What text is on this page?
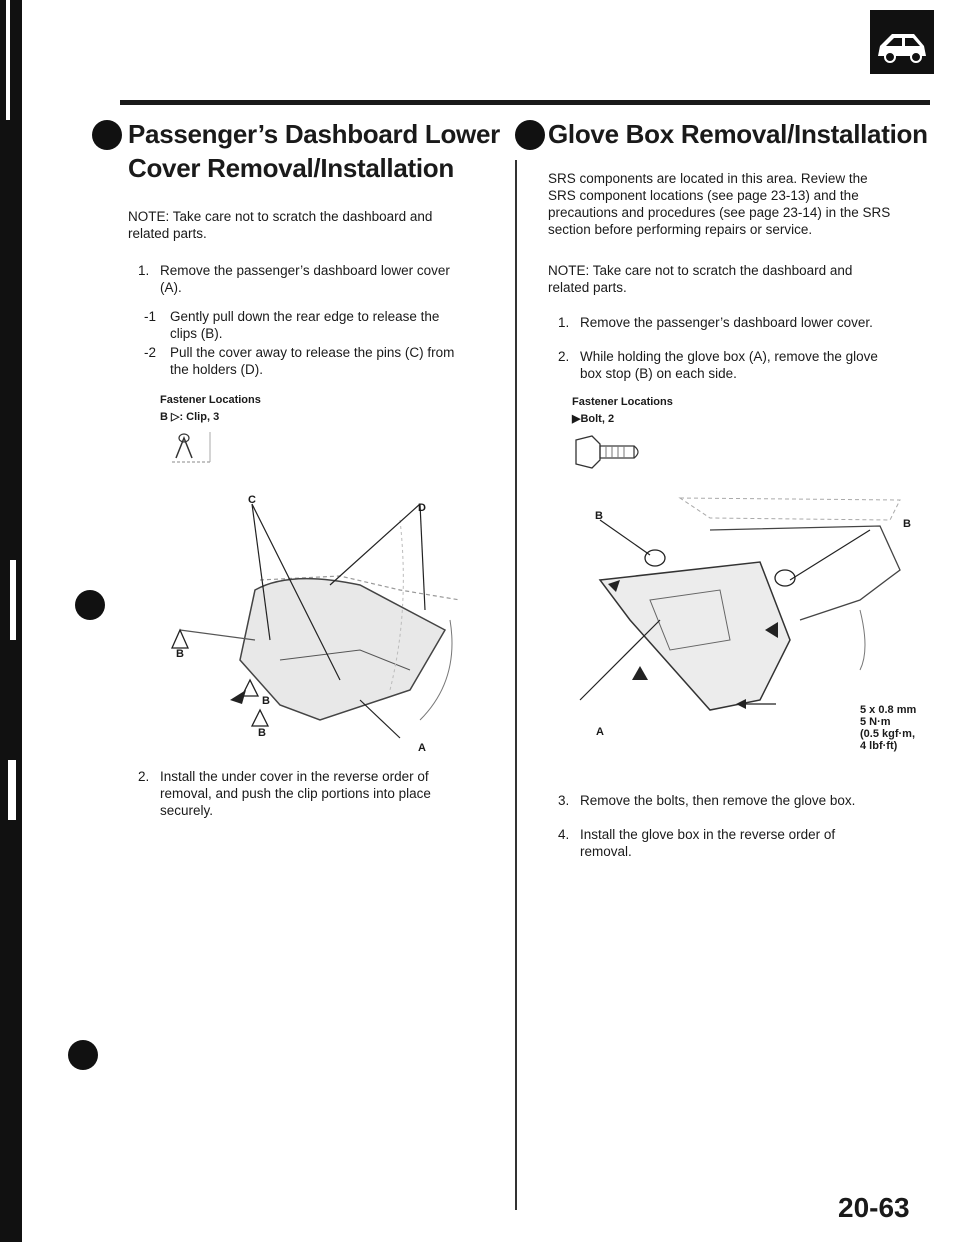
Passenger’s Dashboard Lower
Cover Removal/Installation
NOTE: Take care not to scratch the dashboard and
related parts.
1. Remove the passenger’s dashboard lower cover
(A).
-1 Gently pull down the rear edge to release the
clips (B).
-2 Pull the cover away to release the pins (C) from
the holders (D).
Fastener Locations
B ▷: Clip, 3
C
D
B
B
B
A
2. Install the under cover in the reverse order of
removal, and push the clip portions into place
securely.
Glove Box Removal/Installation
SRS components are located in this area. Review the
SRS component locations (see page 23-13) and the
precautions and procedures (see page 23-14) in the SRS
section before performing repairs or service.
NOTE: Take care not to scratch the dashboard and
related parts.
1. Remove the passenger’s dashboard lower cover.
2. While holding the glove box (A), remove the glove
box stop (B) on each side.
Fastener Locations
▶Bolt, 2
B
B
A
5 x 0.8 mm
5 N·m
(0.5 kgf·m,
4 lbf·ft)
3. Remove the bolts, then remove the glove box.
4. Install the glove box in the reverse order of
removal.
20-63
